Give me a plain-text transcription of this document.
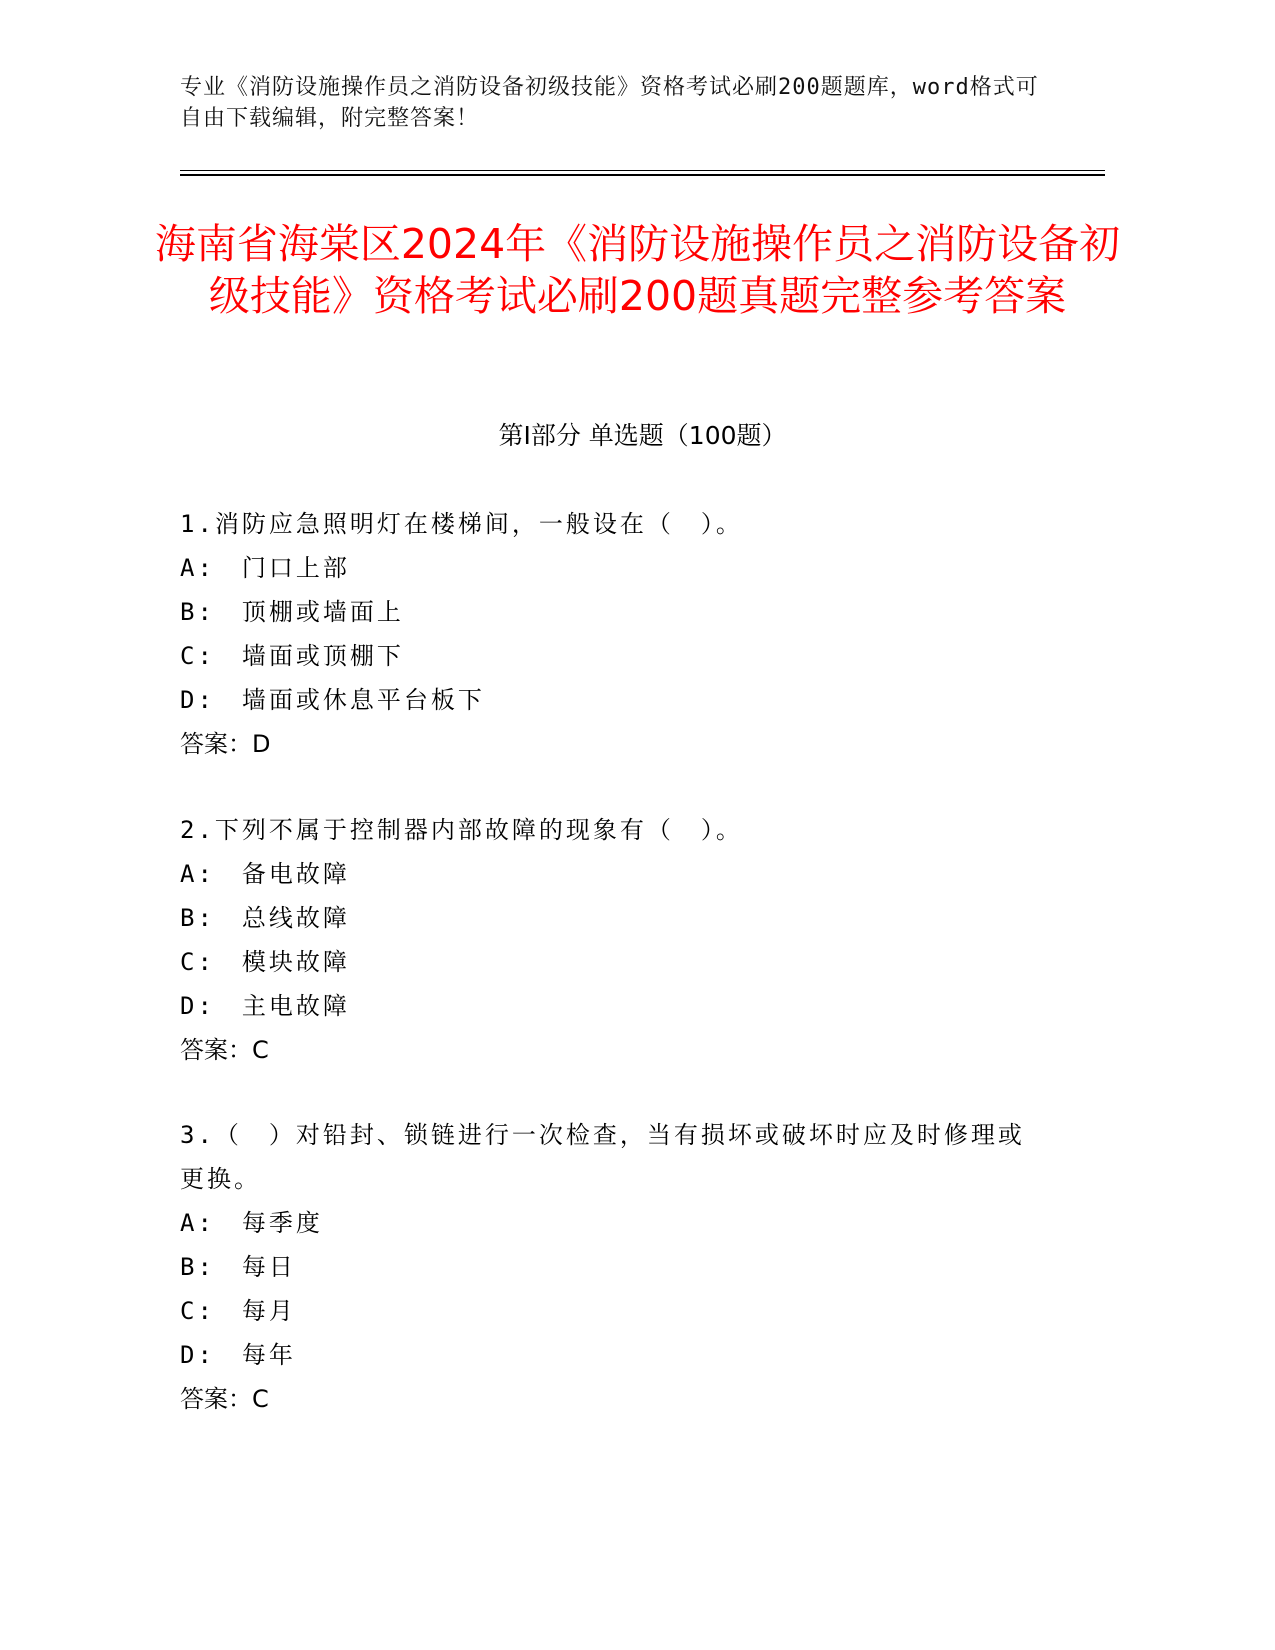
专业《消防设施操作员之消防设备初级技能》资格考试必刷200题题库，word格式可自由下载编辑，附完整答案！
海南省海棠区2024年《消防设施操作员之消防设备初级技能》资格考试必刷200题真题完整参考答案
第Ⅰ部分 单选题（100题）

1.消防应急照明灯在楼梯间，一般设在（　）。

A:　门口上部

B:　顶棚或墙面上

C:　墙面或顶棚下

D:　墙面或休息平台板下

答案：D

2.下列不属于控制器内部故障的现象有（　）。

A:　备电故障

B:　总线故障

C:　模块故障

D:　主电故障

答案：C

3.（　）对铅封、锁链进行一次检查，当有损坏或破坏时应及时修理或更换。

A:　每季度

B:　每日

C:　每月

D:　每年

答案：C
